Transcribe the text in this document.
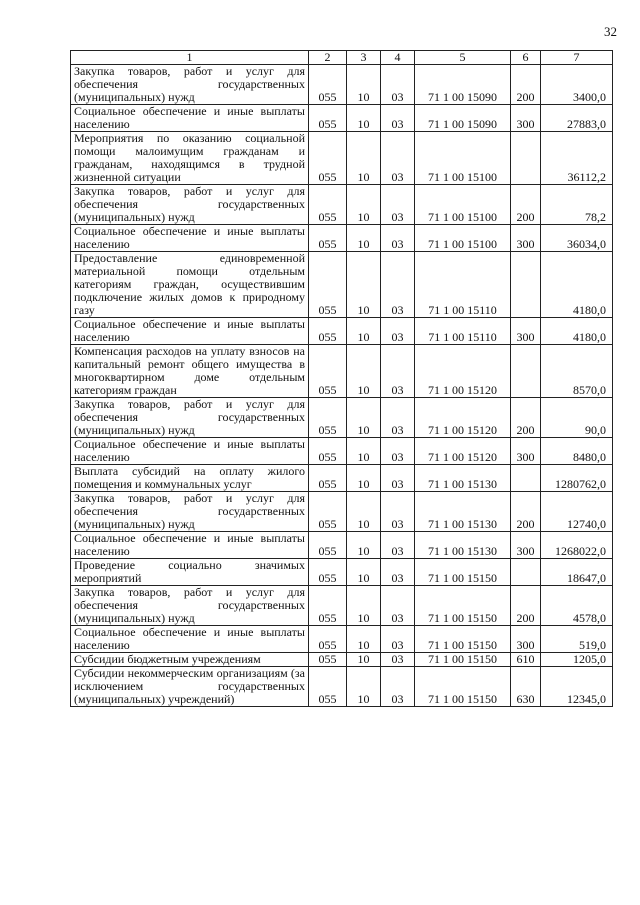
32
1	2	3	4	5	6	7
Закупка товаров, работ и услуг для обеспечения государственных (муниципальных) нужд	055	10	03	71 1 00 15090	200	3400,0
Социальное обеспечение и иные выплаты населению	055	10	03	71 1 00 15090	300	27883,0
Мероприятия по оказанию социальной помощи малоимущим гражданам и гражданам, находящимся в трудной жизненной ситуации	055	10	03	71 1 00 15100		36112,2
Закупка товаров, работ и услуг для обеспечения государственных (муниципальных) нужд	055	10	03	71 1 00 15100	200	78,2
Социальное обеспечение и иные выплаты населению	055	10	03	71 1 00 15100	300	36034,0
Предоставление единовременной материальной помощи отдельным категориям граждан, осуществившим подключение жилых домов к природному газу	055	10	03	71 1 00 15110		4180,0
Социальное обеспечение и иные выплаты населению	055	10	03	71 1 00 15110	300	4180,0
Компенсация расходов на уплату взносов на капитальный ремонт общего имущества в многоквартирном доме отдельным категориям граждан	055	10	03	71 1 00 15120		8570,0
Закупка товаров, работ и услуг для обеспечения государственных (муниципальных) нужд	055	10	03	71 1 00 15120	200	90,0
Социальное обеспечение и иные выплаты населению	055	10	03	71 1 00 15120	300	8480,0
Выплата субсидий на оплату жилого помещения и коммунальных услуг	055	10	03	71 1 00 15130		1280762,0
Закупка товаров, работ и услуг для обеспечения государственных (муниципальных) нужд	055	10	03	71 1 00 15130	200	12740,0
Социальное обеспечение и иные выплаты населению	055	10	03	71 1 00 15130	300	1268022,0
Проведение социально значимых мероприятий	055	10	03	71 1 00 15150		18647,0
Закупка товаров, работ и услуг для обеспечения государственных (муниципальных) нужд	055	10	03	71 1 00 15150	200	4578,0
Социальное обеспечение и иные выплаты населению	055	10	03	71 1 00 15150	300	519,0
Субсидии бюджетным учреждениям	055	10	03	71 1 00 15150	610	1205,0
Субсидии некоммерческим организациям (за исключением государственных (муниципальных) учреждений)	055	10	03	71 1 00 15150	630	12345,0
